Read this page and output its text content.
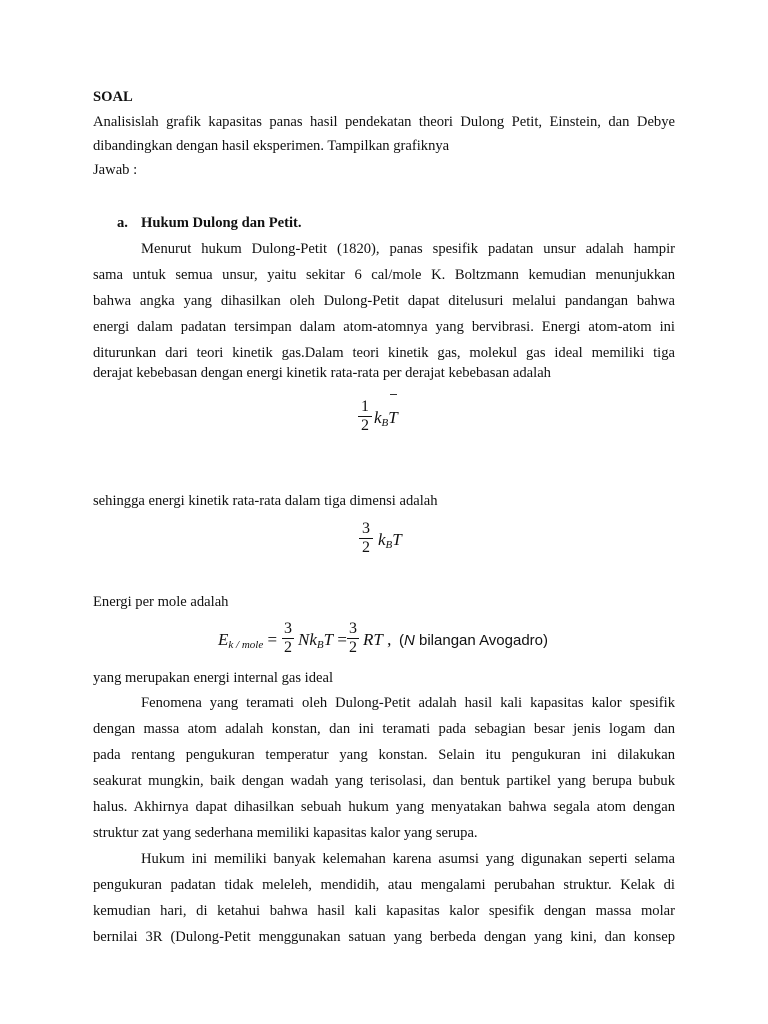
SOAL
Analisislah grafik kapasitas panas hasil pendekatan theori Dulong Petit, Einstein, dan Debye
dibandingkan dengan hasil eksperimen. Tampilkan grafiknya
Jawab :
a. Hukum Dulong dan Petit.
Menurut hukum Dulong-Petit (1820), panas spesifik padatan unsur adalah hampir
sama untuk semua unsur, yaitu sekitar 6 cal/mole K. Boltzmann kemudian menunjukkan
bahwa angka yang dihasilkan oleh Dulong-Petit dapat ditelusuri melalui pandangan bahwa
energi dalam padatan tersimpan dalam atom-atomnya yang bervibrasi. Energi atom-atom ini
diturunkan dari teori kinetik gas.Dalam teori kinetik gas, molekul gas ideal memiliki tiga
derajat kebebasan dengan energi kinetik rata-rata per derajat kebebasan adalah
1
2 $k_BT$
sehingga energi kinetik rata-rata dalam tiga dimensi adalah
3
2 $k_BT$
Energi per mole adalah
$E_{k / mole}$ =
3
2 $Nk_BT$ =
3
2 RT , (N bilangan Avogadro)
yang merupakan energi internal gas ideal
Fenomena yang teramati oleh Dulong-Petit adalah hasil kali kapasitas kalor spesifik
dengan massa atom adalah konstan, dan ini teramati pada sebagian besar jenis logam dan
pada rentang pengukuran temperatur yang konstan. Selain itu pengukuran ini dilakukan
seakurat mungkin, baik dengan wadah yang terisolasi, dan bentuk partikel yang berupa bubuk
halus. Akhirnya dapat dihasilkan sebuah hukum yang menyatakan bahwa segala atom dengan
struktur zat yang sederhana memiliki kapasitas kalor yang serupa.
Hukum ini memiliki banyak kelemahan karena asumsi yang digunakan seperti selama
pengukuran padatan tidak meleleh, mendidih, atau mengalami perubahan struktur. Kelak di
kemudian hari, di ketahui bahwa hasil kali kapasitas kalor spesifik dengan massa molar
bernilai 3R (Dulong-Petit menggunakan satuan yang berbeda dengan yang kini, dan konsep
